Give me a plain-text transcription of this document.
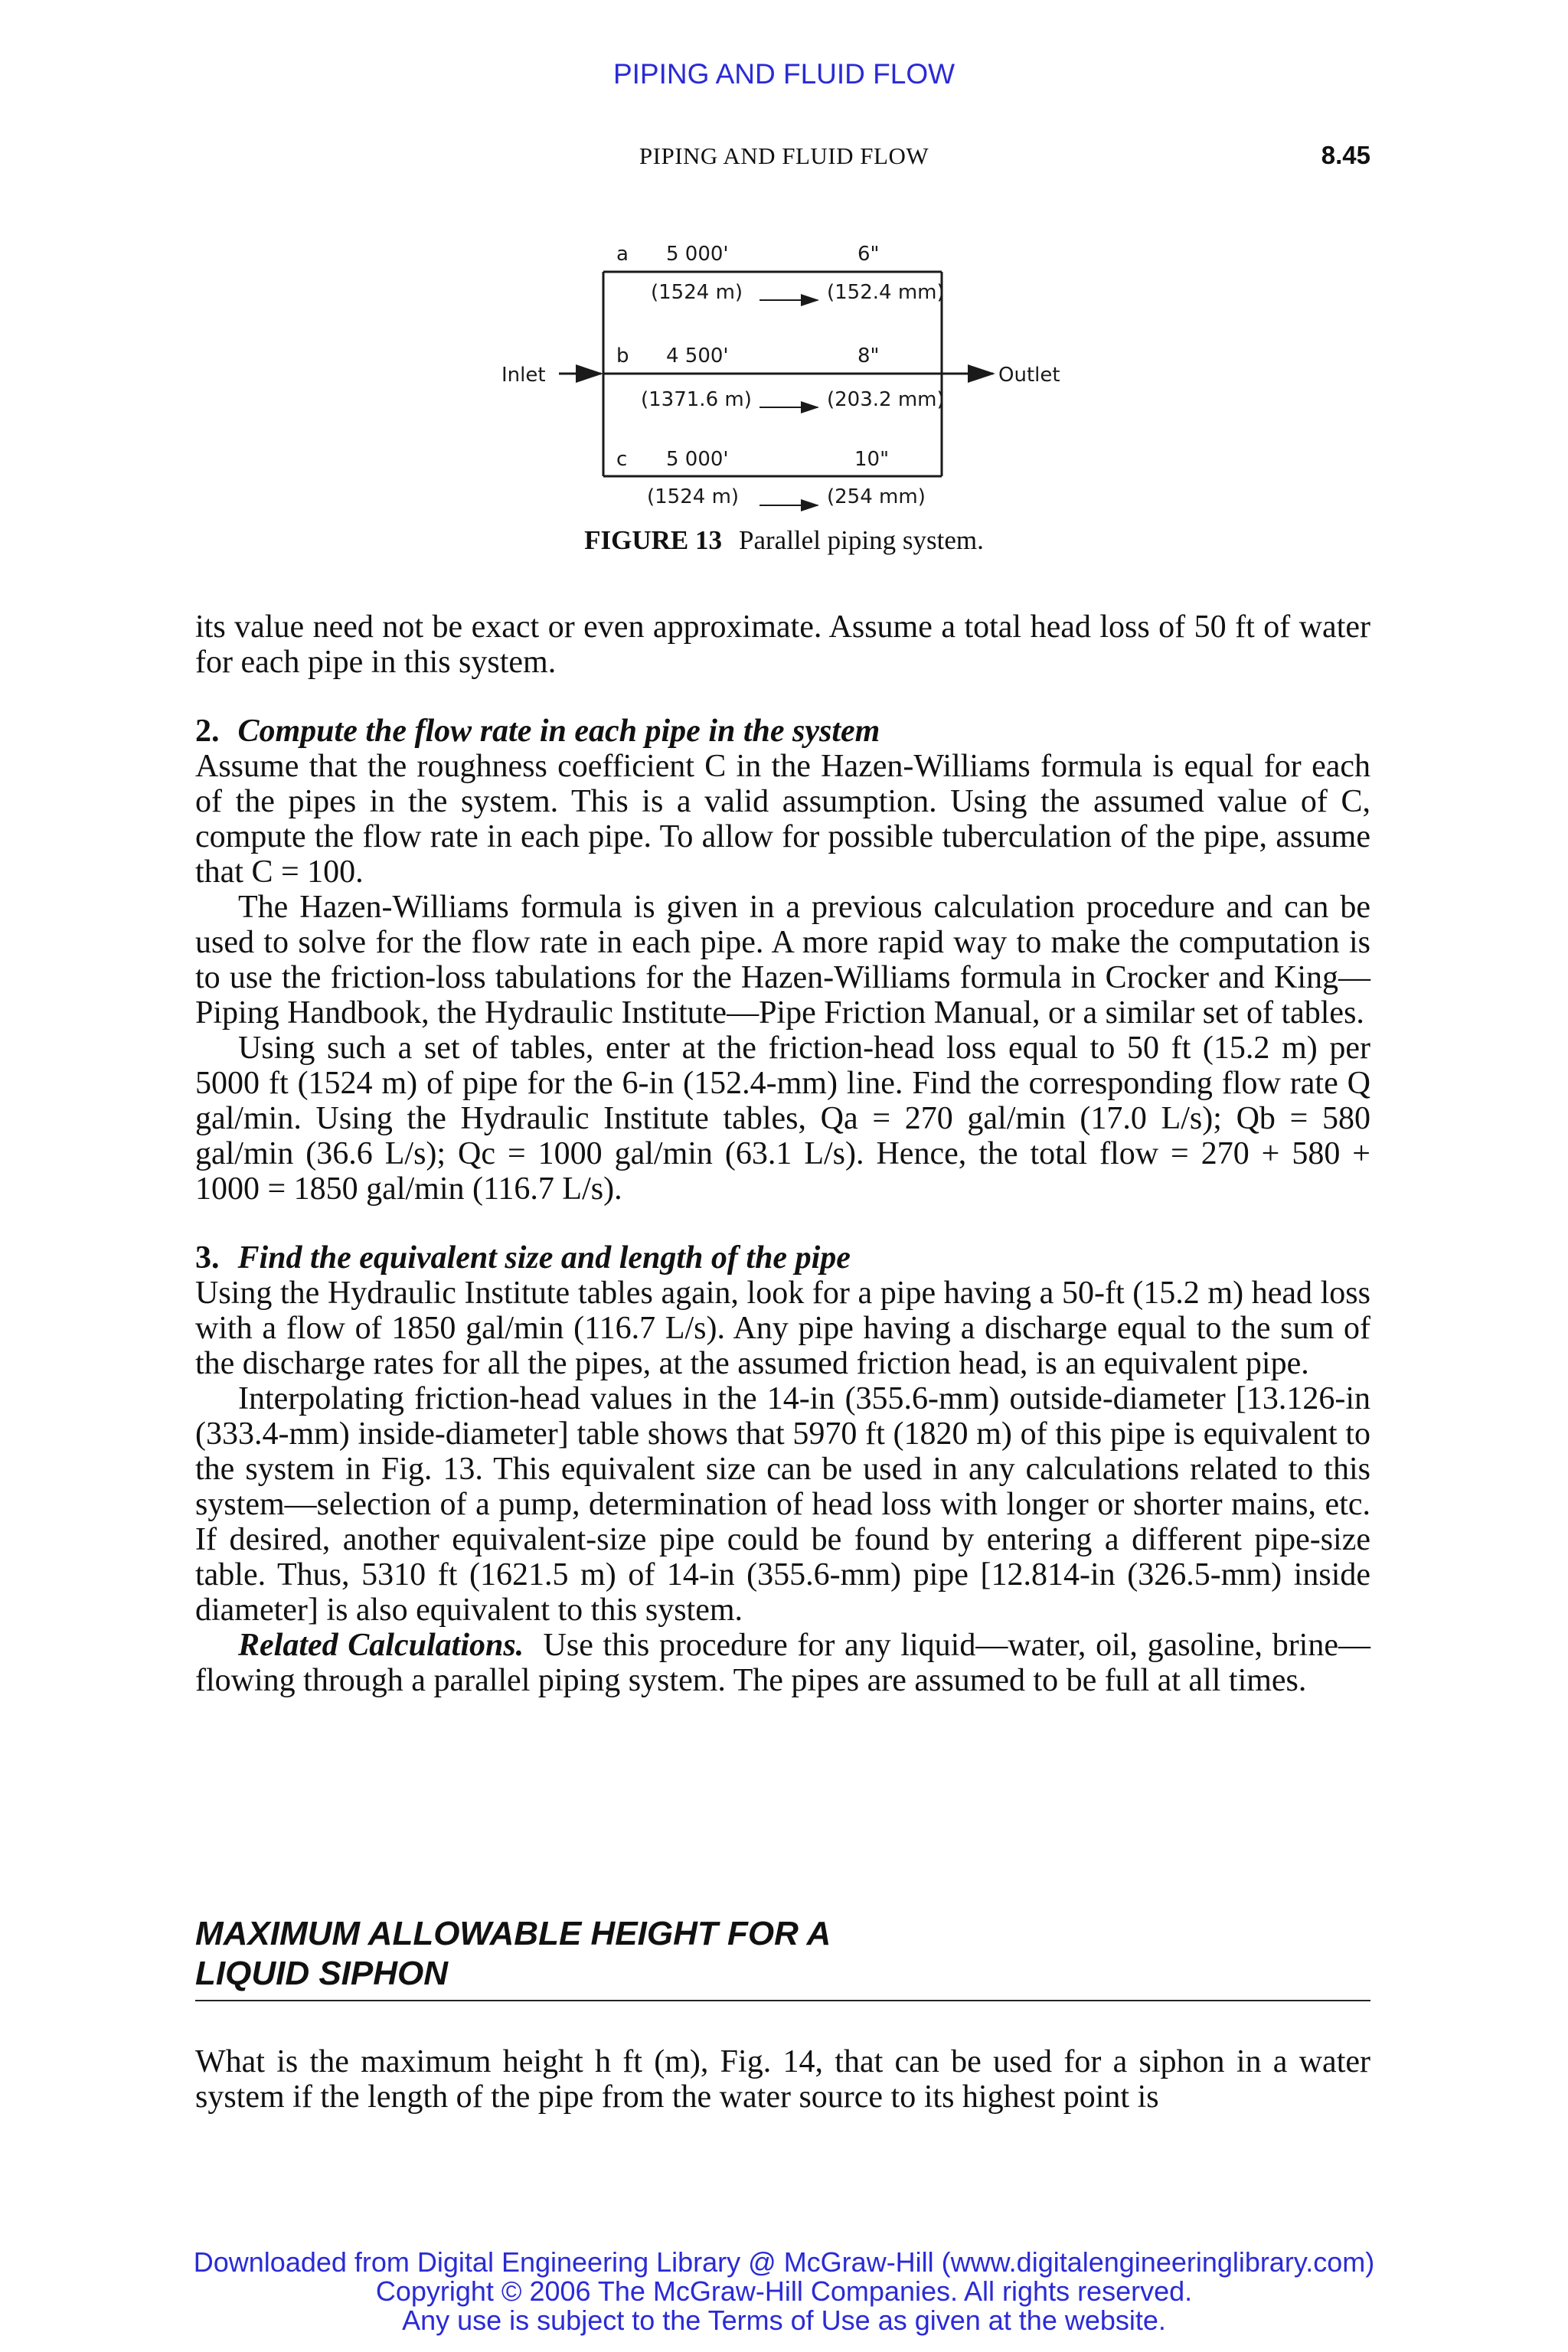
PIPING AND FLUID FLOW
PIPING AND FLUID FLOW	8.45
Inlet	Outlet
a 5 000'	6"
(1524 m)	(152.4 mm)
b 4 500'	8"
(1371.6 m)	(203.2 mm)
c 5 000'	10"
(1524 m)	(254 mm)
FIGURE 13 Parallel piping system.

its value need not be exact or even approximate. Assume a total head loss of 50 ft of water for each pipe in this system.

2. Compute the flow rate in each pipe in the system

Assume that the roughness coefficient C in the Hazen-Williams formula is equal for each of the pipes in the system. This is a valid assumption. Using the assumed value of C, compute the flow rate in each pipe. To allow for possible tuberculation of the pipe, assume that C = 100.

The Hazen-Williams formula is given in a previous calculation procedure and can be used to solve for the flow rate in each pipe. A more rapid way to make the computation is to use the friction-loss tabulations for the Hazen-Williams formula in Crocker and King—Piping Handbook, the Hydraulic Institute—Pipe Friction Manual, or a similar set of tables.

Using such a set of tables, enter at the friction-head loss equal to 50 ft (15.2 m) per 5000 ft (1524 m) of pipe for the 6-in (152.4-mm) line. Find the corresponding flow rate Q gal/min. Using the Hydraulic Institute tables, Qa = 270 gal/min (17.0 L/s); Qb = 580 gal/min (36.6 L/s); Qc = 1000 gal/min (63.1 L/s). Hence, the total flow = 270 + 580 + 1000 = 1850 gal/min (116.7 L/s).

3. Find the equivalent size and length of the pipe

Using the Hydraulic Institute tables again, look for a pipe having a 50-ft (15.2 m) head loss with a flow of 1850 gal/min (116.7 L/s). Any pipe having a discharge equal to the sum of the discharge rates for all the pipes, at the assumed friction head, is an equivalent pipe.

Interpolating friction-head values in the 14-in (355.6-mm) outside-diameter [13.126-in (333.4-mm) inside-diameter] table shows that 5970 ft (1820 m) of this pipe is equivalent to the system in Fig. 13. This equivalent size can be used in any calculations related to this system—selection of a pump, determination of head loss with longer or shorter mains, etc. If desired, another equivalent-size pipe could be found by entering a different pipe-size table. Thus, 5310 ft (1621.5 m) of 14-in (355.6-mm) pipe [12.814-in (326.5-mm) inside diameter] is also equivalent to this system.

Related Calculations. Use this procedure for any liquid—water, oil, gasoline, brine—flowing through a parallel piping system. The pipes are assumed to be full at all times.

MAXIMUM ALLOWABLE HEIGHT FOR A
LIQUID SIPHON

What is the maximum height h ft (m), Fig. 14, that can be used for a siphon in a water system if the length of the pipe from the water source to its highest point is

Downloaded from Digital Engineering Library @ McGraw-Hill (www.digitalengineeringlibrary.com)
Copyright © 2006 The McGraw-Hill Companies. All rights reserved.
Any use is subject to the Terms of Use as given at the website.
